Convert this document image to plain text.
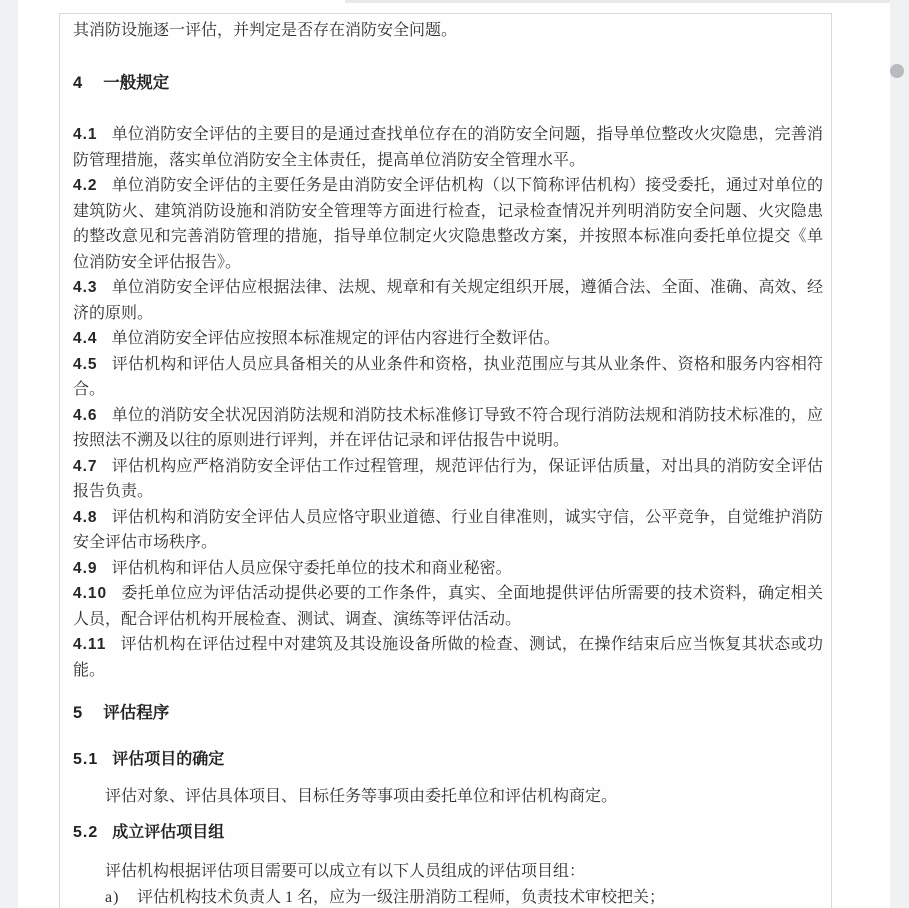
其消防设施逐一评估，并判定是否存在消防安全问题。

4 一般规定

4.1 单位消防安全评估的主要目的是通过查找单位存在的消防安全问题，指导单位整改火灾隐患，完善消防管理措施，落实单位消防安全主体责任，提高单位消防安全管理水平。

4.2 单位消防安全评估的主要任务是由消防安全评估机构（以下简称评估机构）接受委托，通过对单位的建筑防火、建筑消防设施和消防安全管理等方面进行检查，记录检查情况并列明消防安全问题、火灾隐患的整改意见和完善消防管理的措施，指导单位制定火灾隐患整改方案，并按照本标准向委托单位提交《单位消防安全评估报告》。

4.3 单位消防安全评估应根据法律、法规、规章和有关规定组织开展，遵循合法、全面、准确、高效、经济的原则。

4.4 单位消防安全评估应按照本标准规定的评估内容进行全数评估。

4.5 评估机构和评估人员应具备相关的从业条件和资格，执业范围应与其从业条件、资格和服务内容相符合。

4.6 单位的消防安全状况因消防法规和消防技术标准修订导致不符合现行消防法规和消防技术标准的，应按照法不溯及以往的原则进行评判，并在评估记录和评估报告中说明。

4.7 评估机构应严格消防安全评估工作过程管理，规范评估行为，保证评估质量，对出具的消防安全评估报告负责。

4.8 评估机构和消防安全评估人员应恪守职业道德、行业自律准则，诚实守信，公平竞争，自觉维护消防安全评估市场秩序。

4.9 评估机构和评估人员应保守委托单位的技术和商业秘密。

4.10 委托单位应为评估活动提供必要的工作条件，真实、全面地提供评估所需要的技术资料，确定相关人员，配合评估机构开展检查、测试、调查、演练等评估活动。

4.11 评估机构在评估过程中对建筑及其设施设备所做的检查、测试，在操作结束后应当恢复其状态或功能。

5 评估程序

5.1 评估项目的确定

评估对象、评估具体项目、目标任务等事项由委托单位和评估机构商定。

5.2 成立评估项目组

评估机构根据评估项目需要可以成立有以下人员组成的评估项目组：

a) 评估机构技术负责人 1 名，应为一级注册消防工程师，负责技术审校把关；
